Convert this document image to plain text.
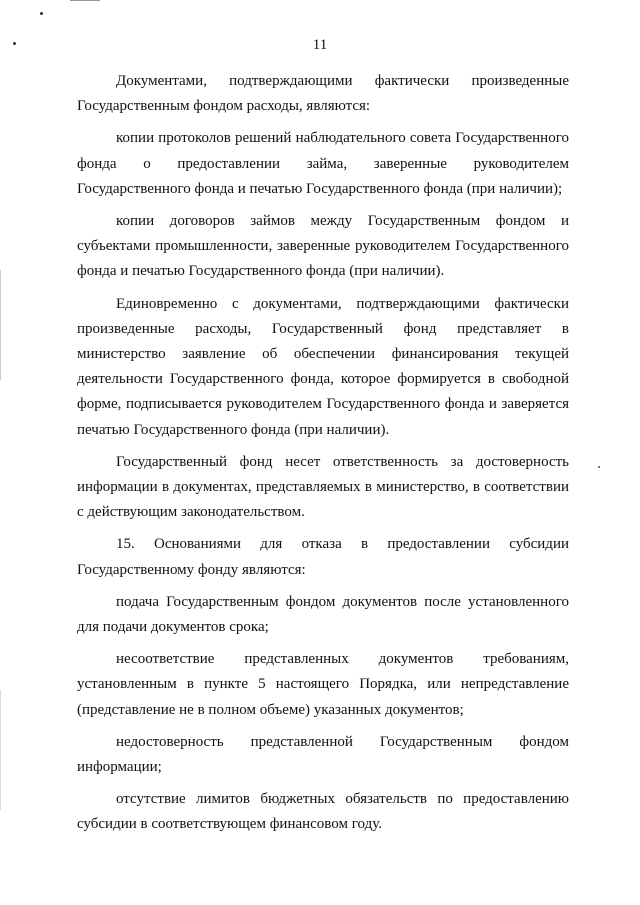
11

Документами, подтверждающими фактически произведенные Государственным фондом расходы, являются:

копии протоколов решений наблюдательного совета Государственного фонда о предоставлении займа, заверенные руководителем Государственного фонда и печатью Государственного фонда (при наличии);

копии договоров займов между Государственным фондом и субъектами промышленности, заверенные руководителем Государственного фонда и печатью Государственного фонда (при наличии).

Единовременно с документами, подтверждающими фактически произведенные расходы, Государственный фонд представляет в министерство заявление об обеспечении финансирования текущей деятельности Государственного фонда, которое формируется в свободной форме, подписывается руководителем Государственного фонда и заверяется печатью Государственного фонда (при наличии).

Государственный фонд несет ответственность за достоверность информации в документах, представляемых в министерство, в соответствии с действующим законодательством.

15. Основаниями для отказа в предоставлении субсидии Государственному фонду являются:

подача Государственным фондом документов после установленного для подачи документов срока;

несоответствие представленных документов требованиям, установленным в пункте 5 настоящего Порядка, или непредставление (представление не в полном объеме) указанных документов;

недостоверность представленной Государственным фондом информации;

отсутствие лимитов бюджетных обязательств по предоставлению субсидии в соответствующем финансовом году.
